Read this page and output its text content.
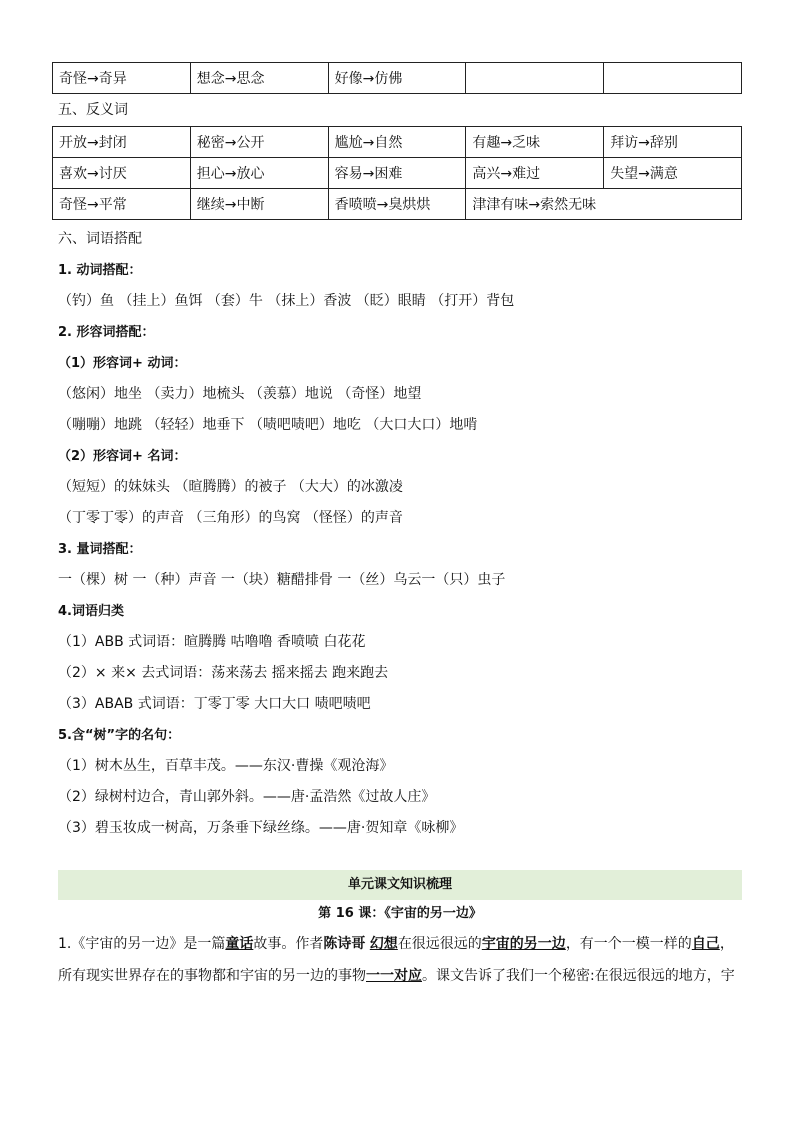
奇怪→奇异	想念→思念	好像→仿佛		
五、反义词
开放→封闭	秘密→公开	尴尬→自然	有趣→乏味	拜访→辞别
喜欢→讨厌	担心→放心	容易→困难	高兴→难过	失望→满意
奇怪→平常	继续→中断	香喷喷→臭烘烘	津津有味→索然无味	
六、词语搭配
1. 动词搭配：
（钓）鱼 （挂上）鱼饵 （套）牛 （抹上）香波 （眨）眼睛 （打开）背包
2. 形容词搭配：
（1）形容词+ 动词：
（悠闲）地坐 （卖力）地梳头 （羡慕）地说 （奇怪）地望
（嘣嘣）地跳 （轻轻）地垂下 （啧吧啧吧）地吃 （大口大口）地啃
（2）形容词+ 名词：
（短短）的妹妹头 （暄腾腾）的被子 （大大）的冰激凌
（丁零丁零）的声音 （三角形）的鸟窝 （怪怪）的声音
3. 量词搭配：
一（棵）树 一（种）声音 一（块）糖醋排骨 一（丝）乌云一（只）虫子
4.词语归类
（1）ABB 式词语：暄腾腾 咕噜噜 香喷喷 白花花
（2）× 来× 去式词语：荡来荡去 摇来摇去 跑来跑去
（3）ABAB 式词语：丁零丁零 大口大口 啧吧啧吧
5.含“树”字的名句：
（1）树木丛生，百草丰茂。——东汉·曹操《观沧海》
（2）绿树村边合，青山郭外斜。——唐·孟浩然《过故人庄》
（3）碧玉妆成一树高，万条垂下绿丝绦。——唐·贺知章《咏柳》
单元课文知识梳理
第 16 课：《宇宙的另一边》
1.《宇宙的另一边》是一篇童话故事。作者陈诗哥 幻想在很远很远的宇宙的另一边，有一个一模一样的自己，
所有现实世界存在的事物都和宇宙的另一边的事物一一对应。课文告诉了我们一个秘密:在很远很远的地方，宇
